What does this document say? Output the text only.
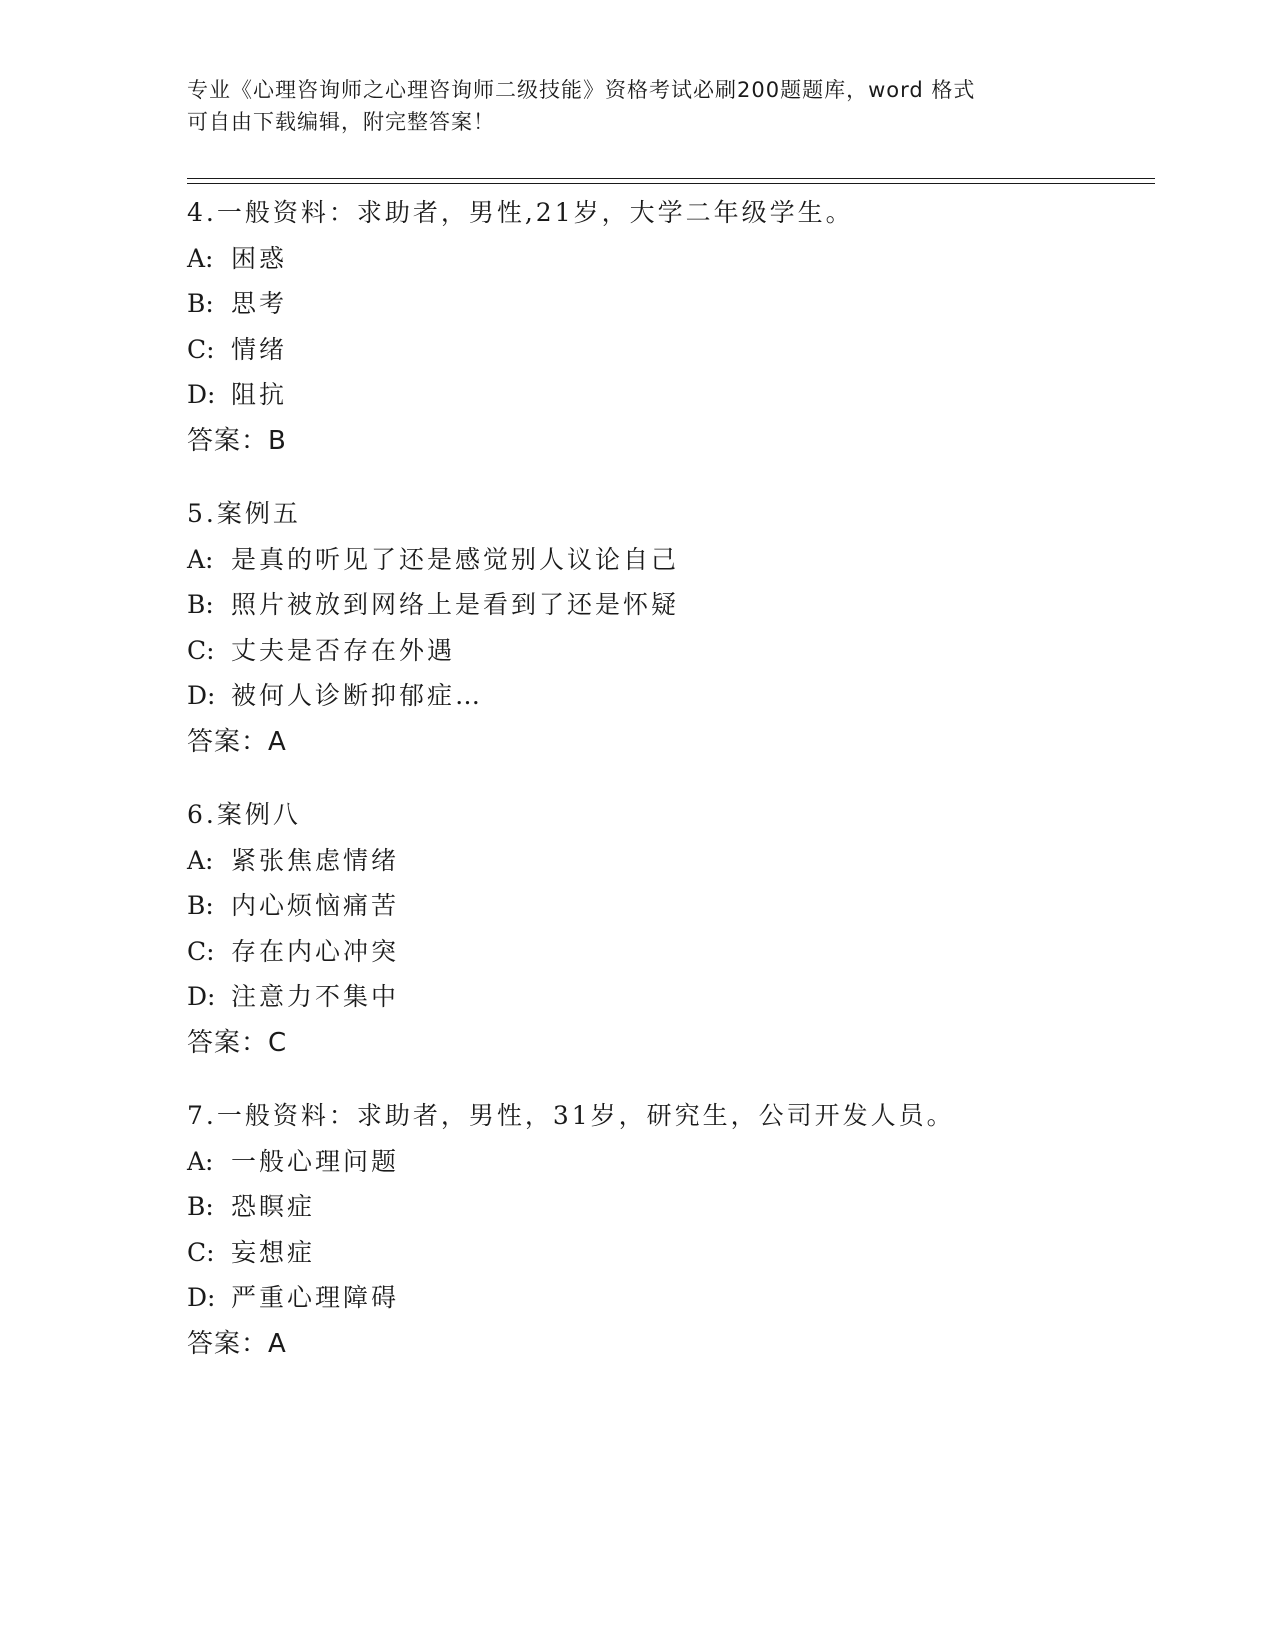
专业《心理咨询师之心理咨询师二级技能》资格考试必刷200题题库，word 格式
可自由下载编辑，附完整答案！
4.一般资料：求助者，男性,21岁，大学二年级学生。
A: 困惑
B: 思考
C: 情绪
D: 阻抗
答案：B
5.案例五
A: 是真的听见了还是感觉别人议论自己
B: 照片被放到网络上是看到了还是怀疑
C: 丈夫是否存在外遇
D: 被何人诊断抑郁症…
答案：A
6.案例八
A: 紧张焦虑情绪
B: 内心烦恼痛苦
C: 存在内心冲突
D: 注意力不集中
答案：C
7.一般资料：求助者，男性，31岁，研究生，公司开发人员。
A: 一般心理问题
B: 恐瞑症
C: 妄想症
D: 严重心理障碍
答案：A
